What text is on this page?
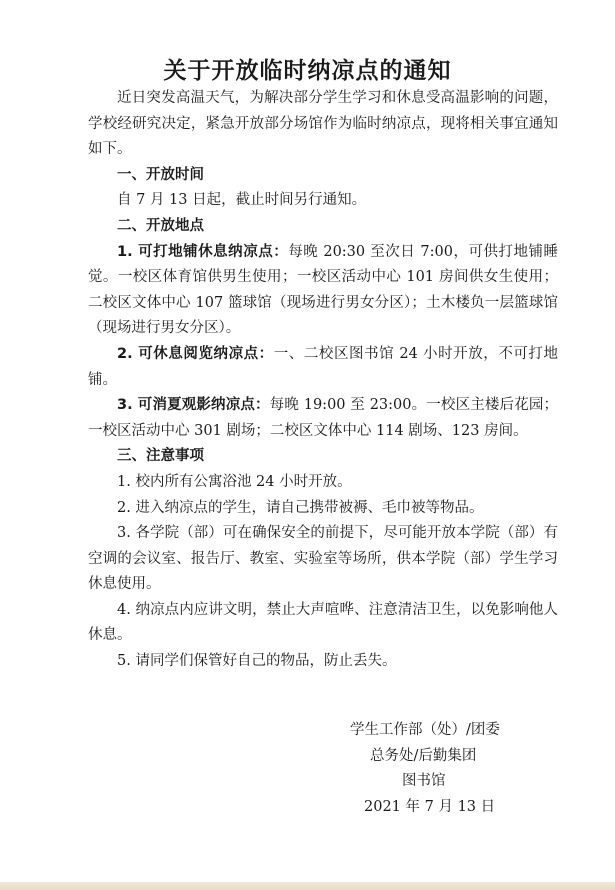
关于开放临时纳凉点的通知

近日突发高温天气，为解决部分学生学习和休息受高温影响的问题，学校经研究决定，紧急开放部分场馆作为临时纳凉点，现将相关事宜通知如下。

一、开放时间

自 7 月 13 日起，截止时间另行通知。

二、开放地点

1. 可打地铺休息纳凉点：每晚 20:30 至次日 7:00，可供打地铺睡觉。一校区体育馆供男生使用；一校区活动中心 101 房间供女生使用；二校区文体中心 107 篮球馆（现场进行男女分区）；土木楼负一层篮球馆（现场进行男女分区）。

2. 可休息阅览纳凉点：一、二校区图书馆 24 小时开放，不可打地铺。

3. 可消夏观影纳凉点：每晚 19:00 至 23:00。一校区主楼后花园；一校区活动中心 301 剧场；二校区文体中心 114 剧场、123 房间。

三、注意事项

1. 校内所有公寓浴池 24 小时开放。

2. 进入纳凉点的学生，请自己携带被褥、毛巾被等物品。

3. 各学院（部）可在确保安全的前提下，尽可能开放本学院（部）有空调的会议室、报告厅、教室、实验室等场所，供本学院（部）学生学习休息使用。

4. 纳凉点内应讲文明，禁止大声喧哗、注意清洁卫生，以免影响他人休息。

5. 请同学们保管好自己的物品，防止丢失。

学生工作部（处）/团委
总务处/后勤集团
图书馆
2021 年 7 月 13 日
